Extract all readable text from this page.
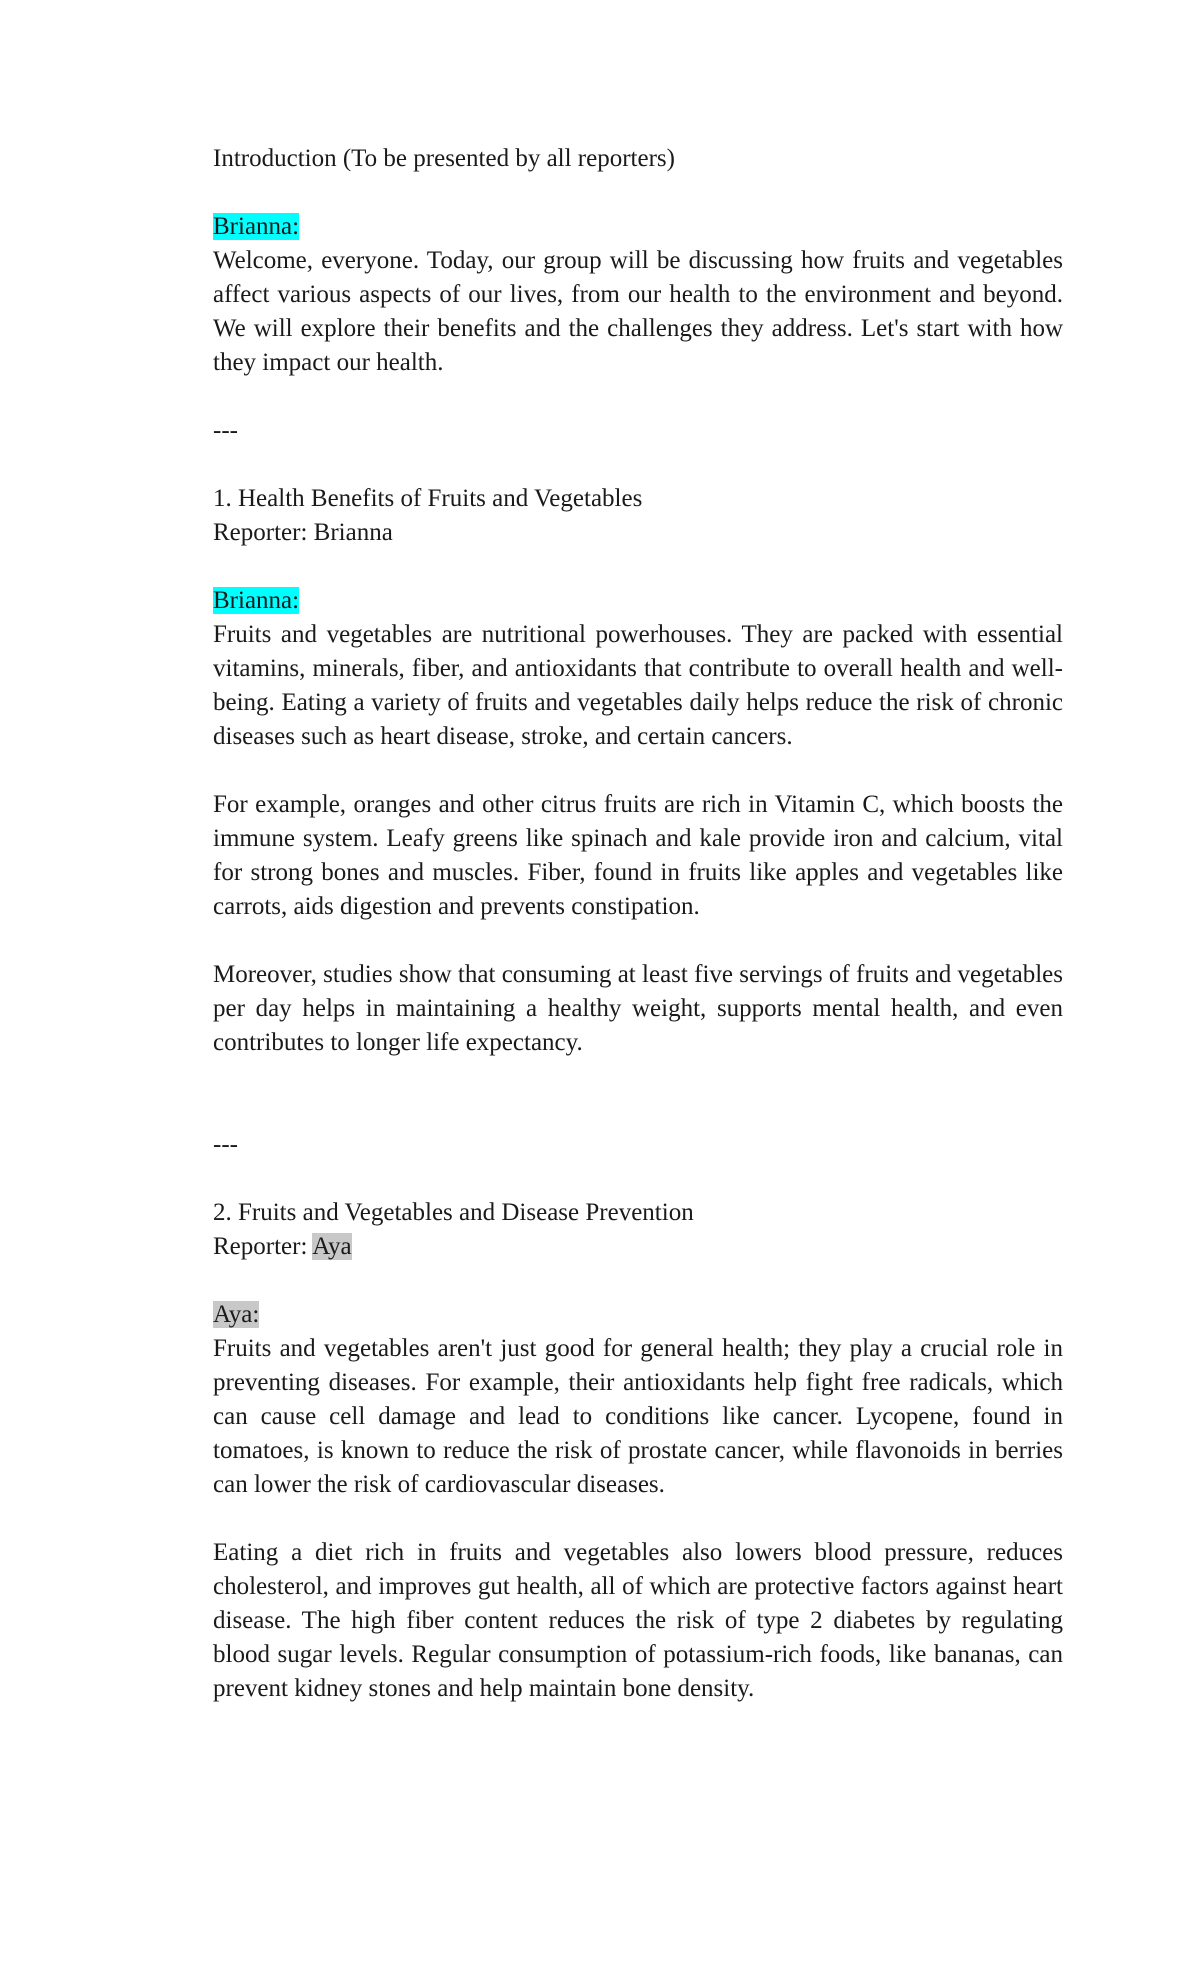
Introduction (To be presented by all reporters)

Brianna:

Welcome, everyone. Today, our group will be discussing how fruits and vegetables affect various aspects of our lives, from our health to the environment and beyond. We will explore their benefits and the challenges they address. Let's start with how they impact our health.

---

1. Health Benefits of Fruits and Vegetables

Reporter: Brianna

Brianna:

Fruits and vegetables are nutritional powerhouses. They are packed with essential vitamins, minerals, fiber, and antioxidants that contribute to overall health and well-being. Eating a variety of fruits and vegetables daily helps reduce the risk of chronic diseases such as heart disease, stroke, and certain cancers.

For example, oranges and other citrus fruits are rich in Vitamin C, which boosts the immune system. Leafy greens like spinach and kale provide iron and calcium, vital for strong bones and muscles. Fiber, found in fruits like apples and vegetables like carrots, aids digestion and prevents constipation.

Moreover, studies show that consuming at least five servings of fruits and vegetables per day helps in maintaining a healthy weight, supports mental health, and even contributes to longer life expectancy.

---

2. Fruits and Vegetables and Disease Prevention

Reporter: Aya

Aya:

Fruits and vegetables aren't just good for general health; they play a crucial role in preventing diseases. For example, their antioxidants help fight free radicals, which can cause cell damage and lead to conditions like cancer. Lycopene, found in tomatoes, is known to reduce the risk of prostate cancer, while flavonoids in berries can lower the risk of cardiovascular diseases.

Eating a diet rich in fruits and vegetables also lowers blood pressure, reduces cholesterol, and improves gut health, all of which are protective factors against heart disease. The high fiber content reduces the risk of type 2 diabetes by regulating blood sugar levels. Regular consumption of potassium-rich foods, like bananas, can prevent kidney stones and help maintain bone density.
